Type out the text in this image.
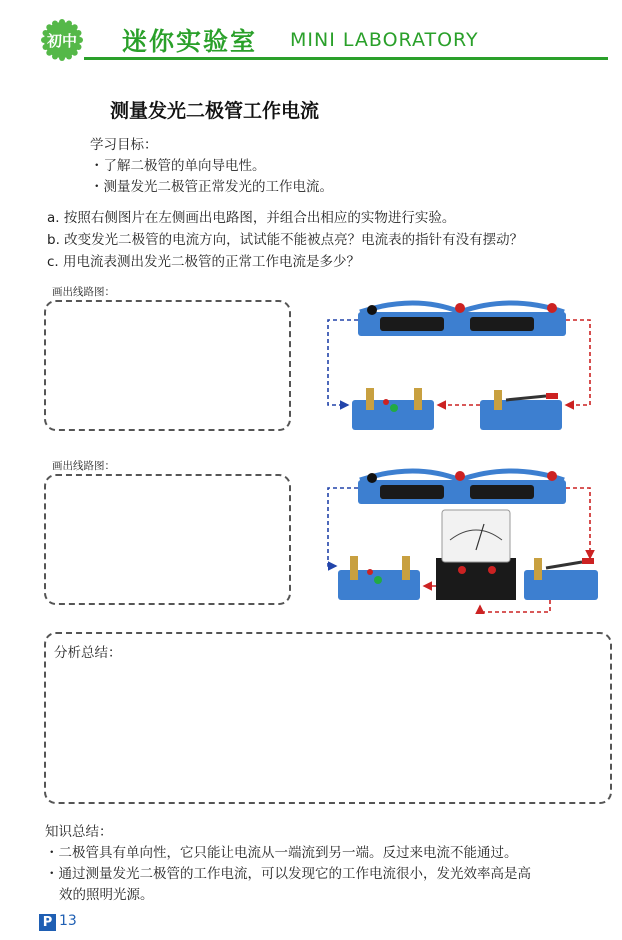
初中 迷你实验室 MINI LABORATORY
测量发光二极管工作电流
学习目标：
・了解二极管的单向导电性。
・测量发光二极管正常发光的工作电流。
a. 按照右侧图片在左侧画出电路图，并组合出相应的实物进行实验。
b. 改变发光二极管的电流方向，试试能不能被点亮？电流表的指针有没有摆动？
c. 用电流表测出发光二极管的正常工作电流是多少？
画出线路图：
画出线路图：
分析总结：
知识总结：
・二极管具有单向性，它只能让电流从一端流到另一端。反过来电流不能通过。
・通过测量发光二极管的工作电流，可以发现它的工作电流很小，发光效率高是高
效的照明光源。
P 13
